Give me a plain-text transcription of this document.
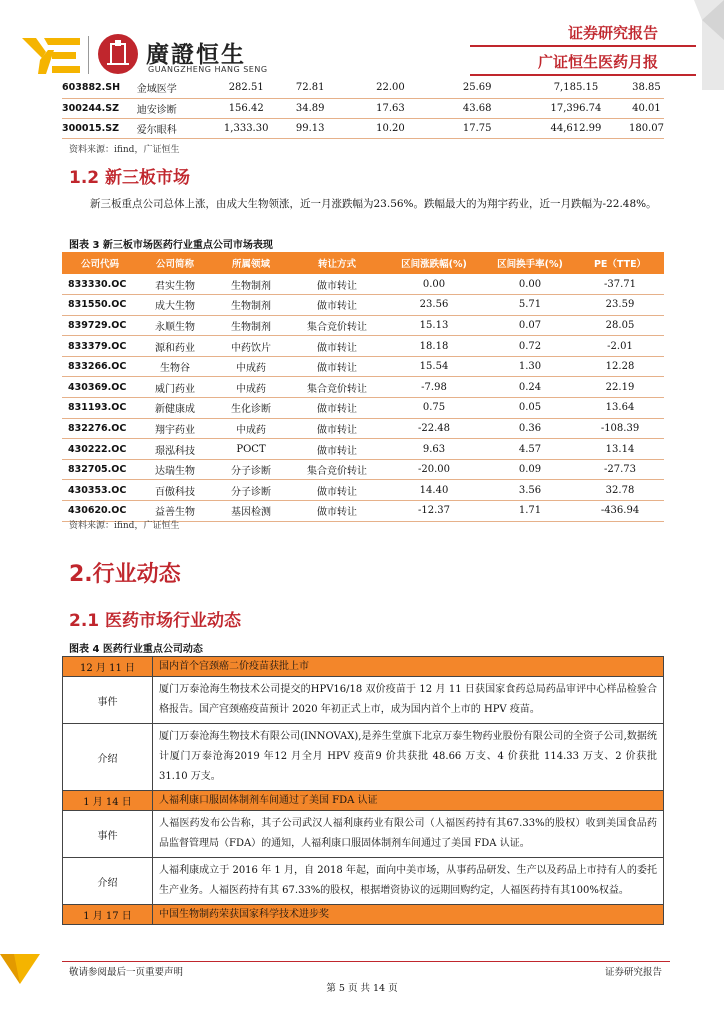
廣證恒生
GUANGZHENG HANG SENG
证券研究报告
广证恒生医药月报
603882.SH	金域医学	282.51	72.81	22.00	25.69	7,185.15	38.85
300244.SZ	迪安诊断	156.42	34.89	17.63	43.68	17,396.74	40.01
300015.SZ	爱尔眼科	1,333.30	99.13	10.20	17.75	44,612.99	180.07
资料来源：ifind，广证恒生
1.2 新三板市场
新三板重点公司总体上涨，由成大生物领涨，近一月涨跌幅为23.56%。跌幅最大的为翔宇药业，近一月跌幅为-22.48%。
图表 3 新三板市场医药行业重点公司市场表现
公司代码	公司简称	所属领域	转让方式	区间涨跌幅(%)	区间换手率(%)	PE（TTE）
833330.OC	君实生物	生物制剂	做市转让	0.00	0.00	-37.71
831550.OC	成大生物	生物制剂	做市转让	23.56	5.71	23.59
839729.OC	永顺生物	生物制剂	集合竞价转让	15.13	0.07	28.05
833379.OC	源和药业	中药饮片	做市转让	18.18	0.72	-2.01
833266.OC	生物谷	中成药	做市转让	15.54	1.30	12.28
430369.OC	威门药业	中成药	集合竞价转让	-7.98	0.24	22.19
831193.OC	新健康成	生化诊断	做市转让	0.75	0.05	13.64
832276.OC	翔宇药业	中成药	做市转让	-22.48	0.36	-108.39
430222.OC	璟泓科技	POCT	做市转让	9.63	4.57	13.14
832705.OC	达瑞生物	分子诊断	集合竞价转让	-20.00	0.09	-27.73
430353.OC	百傲科技	分子诊断	做市转让	14.40	3.56	32.78
430620.OC	益善生物	基因检测	做市转让	-12.37	1.71	-436.94
资料来源：ifind，广证恒生
2.行业动态
2.1 医药市场行业动态
图表 4 医药行业重点公司动态
12 月 11 日	国内首个宫颈癌二价疫苗获批上市
事件	厦门万泰沧海生物技术公司提交的HPV16/18 双价疫苗于 12 月 11 日获国家食药总局药品审评中心样品检验合格报告。国产宫颈癌疫苗预计 2020 年初正式上市，成为国内首个上市的 HPV 疫苗。
介绍	厦门万泰沧海生物技术有限公司(INNOVAX),是养生堂旗下北京万泰生物药业股份有限公司的全资子公司,数据统计厦门万泰沧海2019 年12 月全月 HPV 疫苗9 价共获批 48.66 万支、4 价获批 114.33 万支、2 价获批 31.10 万支。
1 月 14 日	人福利康口服固体制剂车间通过了美国 FDA 认证
事件	人福医药发布公告称，其子公司武汉人福利康药业有限公司（人福医药持有其67.33%的股权）收到美国食品药品监督管理局（FDA）的通知，人福利康口服固体制剂车间通过了美国 FDA 认证。
介绍	人福利康成立于 2016 年 1 月，自 2018 年起，面向中美市场，从事药品研发、生产以及药品上市持有人的委托生产业务。人福医药持有其 67.33%的股权，根据增资协议的远期回购约定，人福医药持有其100%权益。
1 月 17 日	中国生物制药荣获国家科学技术进步奖
敬请参阅最后一页重要声明	证券研究报告
第 5 页 共 14 页
